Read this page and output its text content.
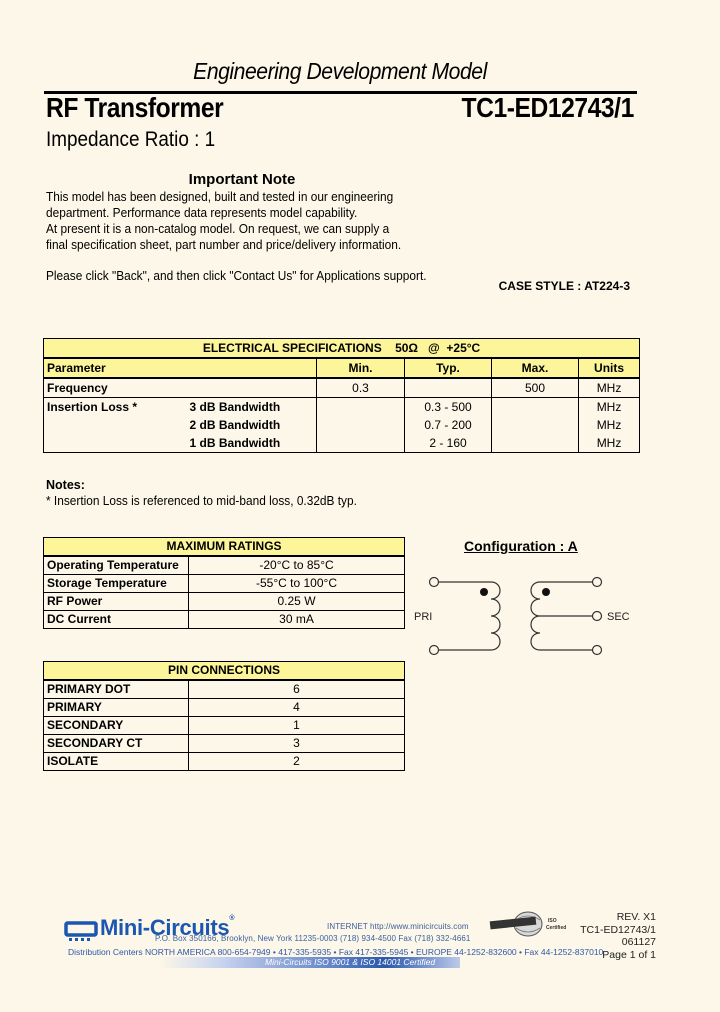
Engineering Development Model
RF Transformer	TC1-ED12743/1
Impedance Ratio : 1
Important Note

This model has been designed, built and tested in our engineering

department. Performance data represents model capability.

At present it is a non-catalog model. On request, we can supply a

final specification sheet, part number and price/delivery information.

Please click "Back", and then click "Contact Us" for Applications support.
CASE STYLE : AT224-3
ELECTRICAL SPECIFICATIONS    50Ω   @  +25°C					
Parameter		Min.	Typ.	Max.	Units
Frequency		0.3		500	MHz
Insertion Loss *	3 dB Bandwidth		0.3 - 500		MHz
	2 dB Bandwidth		0.7 - 200		MHz
	1 dB Bandwidth		2 - 160		MHz
Notes:
* Insertion Loss is referenced to mid-band loss, 0.32dB typ.
MAXIMUM RATINGS	
Operating Temperature	-20°C to 85°C
Storage Temperature	-55°C to 100°C
RF Power	0.25 W
DC Current	30 mA
PIN CONNECTIONS	
PRIMARY DOT	6
PRIMARY	4
SECONDARY	1
SECONDARY CT	3
ISOLATE	2
Configuration : A
PRI	SEC
Mini-Circuits®
INTERNET http://www.minicircuits.com
ISO
Certified
P.O. Box 350166, Brooklyn, New York 11235-0003 (718) 934-4500 Fax (718) 332-4661
Distribution Centers NORTH AMERICA 800-654-7949 • 417-335-5935 • Fax 417-335-5945 • EUROPE 44-1252-832600 • Fax 44-1252-837010
Mini-Circuits ISO 9001 & ISO 14001 Certified
REV. X1
TC1-ED12743/1
061127
Page 1 of 1
